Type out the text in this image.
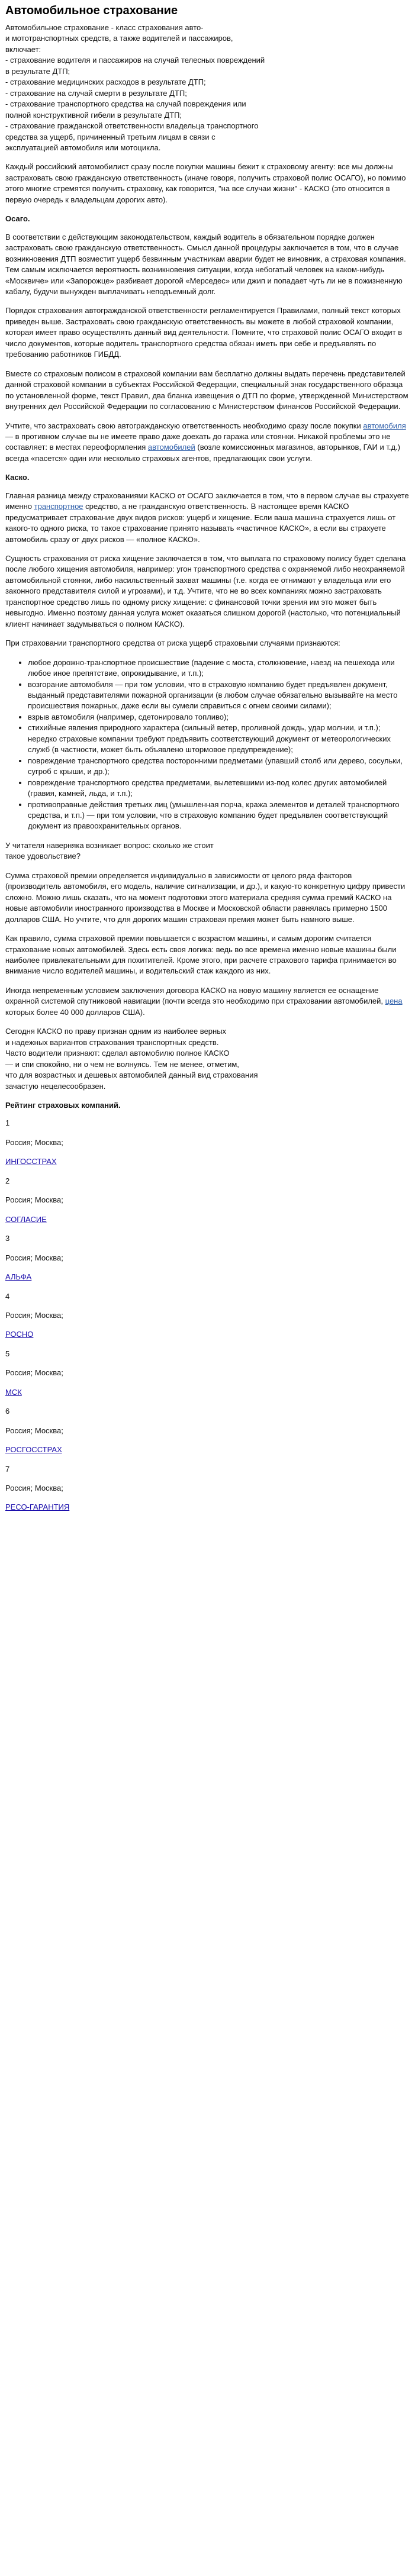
Автомобильное страхование

Автомобильное страхование - класс страхования авто-
и мототранспортных средств, а также водителей и пассажиров,
включает:
- страхование водителя и пассажиров на случай телесных повреждений
в результате ДТП;
- страхование медицинских расходов в результате ДТП;
- страхование на случай смерти в результате ДТП;
- страхование транспортного средства на случай повреждения или
полной конструктивной гибели в результате ДТП;
- страхование гражданской ответственности владельца транспортного
средства за ущерб, причиненный третьим лицам в связи с
эксплуатацией автомобиля или мотоцикла.

Каждый российский автомобилист сразу после покупки машины бежит к страховому агенту: все мы должны застраховать свою гражданскую ответственность (иначе говоря, получить страховой полис ОСАГО), но помимо этого многие стремятся получить страховку, как говорится, "на все случаи жизни" - КАСКО (это относится в первую очередь к владельцам дорогих авто).

Осаго.

В соответствии с действующим законодательством, каждый водитель в обязательном порядке должен застраховать свою гражданскую ответственность. Смысл данной процедуры заключается в том, что в случае возникновения ДТП возместит ущерб безвинным участникам аварии будет не виновник, а страховая компания. Тем самым исключается вероятность возникновения ситуации, когда небогатый человек на каком-нибудь «Москвиче» или «Запорожце» разбивает дорогой «Мерседес» или джип и попадает чуть ли не в пожизненную кабалу, будучи вынужден выплачивать неподъемный долг.

Порядок страхования автогражданской ответственности регламентируется Правилами, полный текст которых приведен выше. Застраховать свою гражданскую ответственность вы можете в любой страховой компании, которая имеет право осуществлять данный вид деятельности. Помните, что страховой полис ОСАГО входит в число документов, которые водитель транспортного средства обязан иметь при себе и предъявлять по требованию работников ГИБДД.

Вместе со страховым полисом в страховой компании вам бесплатно должны выдать перечень представителей данной страховой компании в субъектах Российской Федерации, специальный знак государственного образца по установленной форме, текст Правил, два бланка извещения о ДТП по форме, утвержденной Министерством внутренних дел Российской Федерации по согласованию с Министерством финансов Российской Федерации.

Учтите, что застраховать свою автогражданскую ответственность необходимо сразу после покупки автомобиля — в противном случае вы не имеете право даже доехать до гаража или стоянки. Никакой проблемы это не составляет: в местах переоформления автомобилей (возле комиссионных магазинов, авторынков, ГАИ и т.д.) всегда «пасется» один или несколько страховых агентов, предлагающих свои услуги.

Каско.

Главная разница между страхованиями КАСКО от ОСАГО заключается в том, что в первом случае вы страхуете именно транспортное средство, а не гражданскую ответственность. В настоящее время КАСКО предусматривает страхование двух видов рисков: ущерб и хищение. Если ваша машина страхуется лишь от какого-то одного риска, то такое страхование принято называть «частичное КАСКО», а если вы страхуете автомобиль сразу от двух рисков — «полное КАСКО».

Сущность страхования от риска хищение заключается в том, что выплата по страховому полису будет сделана после любого хищения автомобиля, например: угон транспортного средства с охраняемой либо неохраняемой автомобильной стоянки, либо насильственный захват машины (т.е. когда ее отнимают у владельца или его законного представителя силой и угрозами), и т.д. Учтите, что не во всех компаниях можно застраховать транспортное средство лишь по одному риску хищение: с финансовой точки зрения им это может быть невыгодно. Именно поэтому данная услуга может оказаться слишком дорогой (настолько, что потенциальный клиент начинает задумываться о полном КАСКО).

При страховании транспортного средства от риска ущерб страховыми случаями признаются:

• любое дорожно-транспортное происшествие (падение с моста, столкновение, наезд на пешехода или любое иное препятствие, опрокидывание, и т.п.);
• возгорание автомобиля — при том условии, что в страховую компанию будет предъявлен документ, выданный представителями пожарной организации (в любом случае обязательно вызывайте на место происшествия пожарных, даже если вы сумели справиться с огнем своими силами);
• взрыв автомобиля (например, сдетонировало топливо);
• стихийные явления природного характера (сильный ветер, проливной дождь, удар молнии, и т.п.); нередко страховые компании требуют предъявить соответствующий документ от метеорологических служб (в частности, может быть объявлено штормовое предупреждение);
• повреждение транспортного средства посторонними предметами (упавший столб или дерево, сосульки, сугроб с крыши, и др.);
• повреждение транспортного средства предметами, вылетевшими из-под колес других автомобилей (гравия, камней, льда, и т.п.);
• противоправные действия третьих лиц (умышленная порча, кража элементов и деталей транспортного средства, и т.п.) — при том условии, что в страховую компанию будет предъявлен соответствующий документ из правоохранительных органов.

У читателя наверняка возникает вопрос: сколько же стоит
такое удовольствие?

Сумма страховой премии определяется индивидуально в зависимости от целого ряда факторов (производитель автомобиля, его модель, наличие сигнализации, и др.), и какую-то конкретную цифру привести сложно. Можно лишь сказать, что на момент подготовки этого материала средняя сумма премий КАСКО на новые автомобили иностранного производства в Москве и Московской области равнялась примерно 1500 долларов США. Но учтите, что для дорогих машин страховая премия может быть намного выше.

Как правило, сумма страховой премии повышается с возрастом машины, и самым дорогим считается страхование новых автомобилей. Здесь есть своя логика: ведь во все времена именно новые машины были наиболее привлекательными для похитителей. Кроме этого, при расчете страхового тарифа принимается во внимание число водителей машины, и водительский стаж каждого из них.

Иногда непременным условием заключения договора КАСКО на новую машину является ее оснащение охранной системой спутниковой навигации (почти всегда это необходимо при страховании автомобилей, цена которых более 40 000 долларов США).

Сегодня КАСКО по праву признан одним из наиболее верных
и надежных вариантов страхования транспортных средств.
Часто водители признают: сделал автомобилю полное КАСКО
— и спи спокойно, ни о чем не волнуясь. Тем не менее, отметим,
что для возрастных и дешевых автомобилей данный вид страхования
зачастую нецелесообразен.

Рейтинг страховых компаний.
1
Россия; Москва;
ИНГОССТРАХ
2
Россия; Москва;
СОГЛАСИЕ
3
Россия; Москва;
АЛЬФА
4
Россия; Москва;
РОСНО
5
Россия; Москва;
МСК
6
Россия; Москва;
РОСГОССТРАХ
7
Россия; Москва;
РЕСО-ГАРАНТИЯ
